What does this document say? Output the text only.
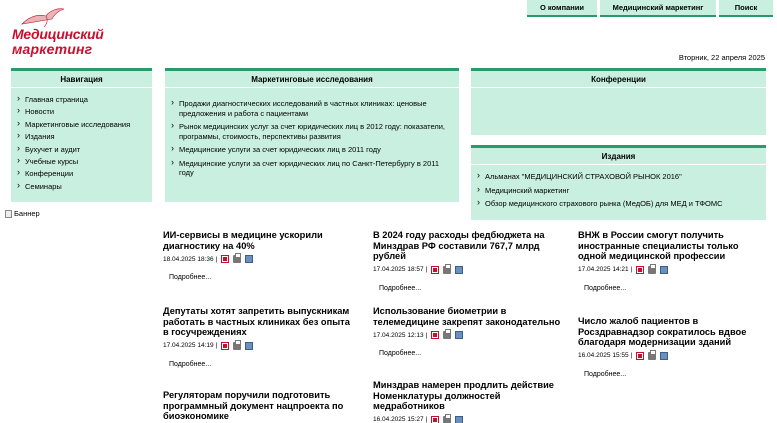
Медицинский
маркетинг
О компании	Медицинский маркетинг	Поиск
Вторник, 22 апреля 2025
Навигация
› Главная страница
› Новости
› Маркетинговые исследования
› Издания
› Бухучет и аудит
› Учебные курсы
› Конференции
› Семинары
Маркетинговые исследования
› Продажи диагностических исследований в частных клиниках: ценовые предложения и работа с пациентами
› Рынок медицинских услуг за счет юридических лиц в 2012 году: показатели, программы, стоимость, перспективы развития
› Медицинские услуги за счет юридических лиц в 2011 году
› Медицинские услуги за счет юридических лиц по Санкт-Петербургу в 2011 году
Конференции
Издания
› Альманах "МЕДИЦИНСКИЙ СТРАХОВОЙ РЫНОК 2016"
› Медицинский маркетинг
› Обзор медицинского страхового рынка (МедОБ) для МЕД и ТФОМС
Баннер
ИИ-сервисы в медицине ускорили диагностику на 40%
18.04.2025 18:36 |
Подробнее...
В 2024 году расходы федбюджета на Минздрав РФ составили 767,7 млрд рублей
17.04.2025 18:57 |
Подробнее...
ВНЖ в России смогут получить иностранные специалисты только одной медицинской профессии
17.04.2025 14:21 |
Подробнее...
Депутаты хотят запретить выпускникам работать в частных клиниках без опыта в госучреждениях
17.04.2025 14:19 |
Подробнее...
Использование биометрии в телемедицине закрепят законодательно
17.04.2025 12:13 |
Подробнее...
Число жалоб пациентов в Росздравнадзор сократилось вдвое благодаря модернизации зданий
16.04.2025 15:55 |
Подробнее...
Регуляторам поручили подготовить программный документ нацпроекта по биоэкономике
Минздрав намерен продлить действие Номенклатуры должностей медработников
16.04.2025 15:27 |
